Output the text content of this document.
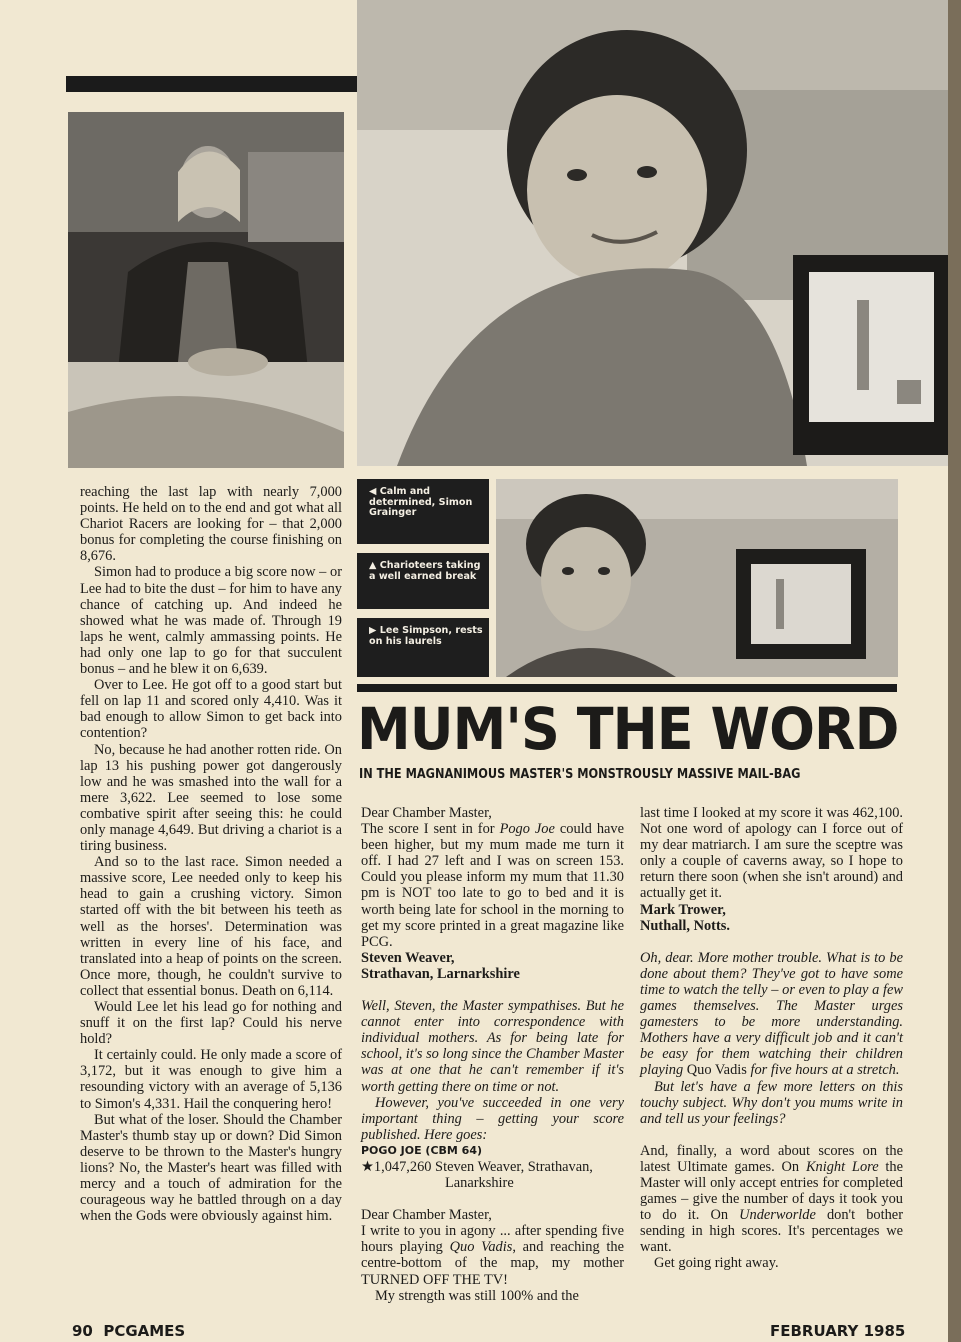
◀ Calm and determined, Simon Grainger
▲ Charioteers taking a well earned break
▶ Lee Simpson, rests on his laurels

reaching the last lap with nearly 7,000 points. He held on to the end and got what all Chariot Racers are looking for – that 2,000 bonus for completing the course finishing on 8,676.

Simon had to produce a big score now – or Lee had to bite the dust – for him to have any chance of catching up. And indeed he showed what he was made of. Through 19 laps he went, calmly ammassing points. He had only one lap to go for that succulent bonus – and he blew it on 6,639.

Over to Lee. He got off to a good start but fell on lap 11 and scored only 4,410. Was it bad enough to allow Simon to get back into contention?

No, because he had another rotten ride. On lap 13 his pushing power got dangerously low and he was smashed into the wall for a mere 3,622. Lee seemed to lose some combative spirit after seeing this: he could only manage 4,649. But driving a chariot is a tiring business.

And so to the last race. Simon needed a massive score, Lee needed only to keep his head to gain a crushing victory. Simon started off with the bit between his teeth as well as the horses'. Determination was written in every line of his face, and translated into a heap of points on the screen. Once more, though, he couldn't survive to collect that essential bonus. Death on 6,114.

Would Lee let his lead go for nothing and snuff it on the first lap? Could his nerve hold?

It certainly could. He only made a score of 3,172, but it was enough to give him a resounding victory with an average of 5,136 to Simon's 4,331. Hail the conquering hero!

But what of the loser. Should the Chamber Master's thumb stay up or down? Did Simon deserve to be thrown to the Master's hungry lions? No, the Master's heart was filled with mercy and a touch of admiration for the courageous way he battled through on a day when the Gods were obviously against him.

MUM'S THE WORD
IN THE MAGNANIMOUS MASTER'S MONSTROUSLY MASSIVE MAIL-BAG

Dear Chamber Master,

The score I sent in for Pogo Joe could have been higher, but my mum made me turn it off. I had 27 left and I was on screen 153. Could you please inform my mum that 11.30 pm is NOT too late to go to bed and it is worth being late for school in the morning to get my score printed in a great magazine like PCG.

Steven Weaver,

Strathavan, Larnarkshire

Well, Steven, the Master sympathises. But he cannot enter into correspondence with individual mothers. As for being late for school, it's so long since the Chamber Master was at one that he can't remember if it's worth getting there on time or not.

However, you've succeeded in one very important thing – getting your score published. Here goes:

POGO JOE (CBM 64)

★1,047,260 Steven Weaver, Strathavan,

Lanarkshire

Dear Chamber Master,

I write to you in agony ... after spending five hours playing Quo Vadis, and reaching the centre-bottom of the map, my mother TURNED OFF THE TV!

My strength was still 100% and the

last time I looked at my score it was 462,100. Not one word of apology can I force out of my dear matriarch. I am sure the sceptre was only a couple of caverns away, so I hope to return there soon (when she isn't around) and actually get it.

Mark Trower,

Nuthall, Notts.

Oh, dear. More mother trouble. What is to be done about them? They've got to have some time to watch the telly – or even to play a few games themselves. The Master urges gamesters to be more understanding. Mothers have a very difficult job and it can't be easy for them watching their children playing Quo Vadis for five hours at a stretch.

But let's have a few more letters on this touchy subject. Why don't you mums write in and tell us your feelings?

And, finally, a word about scores on the latest Ultimate games. On Knight Lore the Master will only accept entries for completed games – give the number of days it took you to do it. On Underworlde don't bother sending in high scores. It's percentages we want.

Get going right away.

90 PCGAMES	FEBRUARY 1985
